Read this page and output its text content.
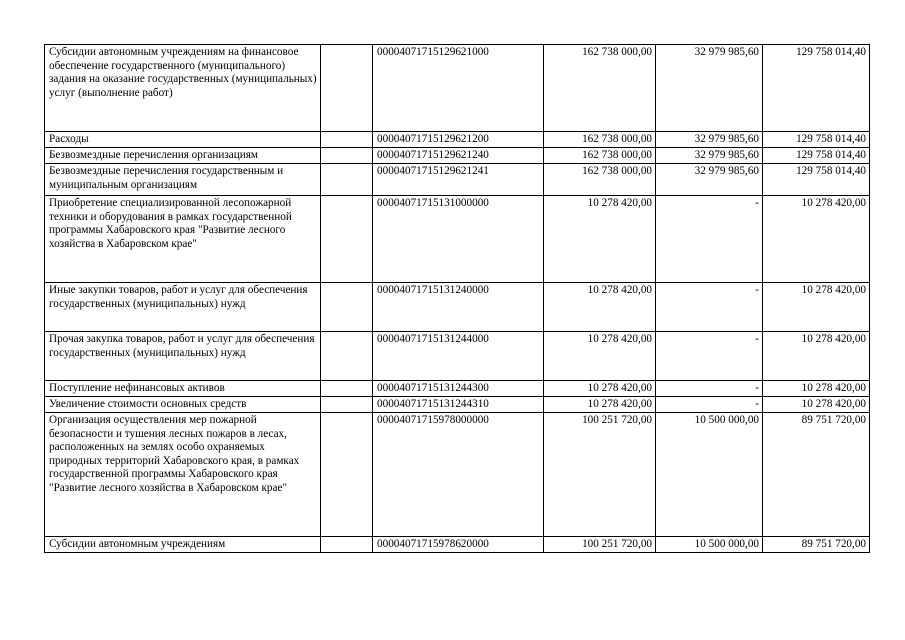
Субсидии автономным учреждениям на финансовое обеспечение государственного (муниципального) задания на оказание государственных (муниципальных) услуг (выполнение работ)		00004071715129621000	162 738 000,00	32 979 985,60	129 758 014,40
Расходы		00004071715129621200	162 738 000,00	32 979 985,60	129 758 014,40
Безвозмездные перечисления организациям		00004071715129621240	162 738 000,00	32 979 985,60	129 758 014,40
Безвозмездные перечисления государственным и муниципальным организациям		00004071715129621241	162 738 000,00	32 979 985,60	129 758 014,40
Приобретение специализированной лесопожарной техники и оборудования в рамках государственной программы Хабаровского края "Развитие лесного хозяйства в Хабаровском крае"		00004071715131000000	10 278 420,00	-	10 278 420,00
Иные закупки товаров, работ и услуг для обеспечения государственных (муниципальных) нужд		00004071715131240000	10 278 420,00	-	10 278 420,00
Прочая закупка товаров, работ и услуг для обеспечения государственных (муниципальных) нужд		00004071715131244000	10 278 420,00	-	10 278 420,00
Поступление нефинансовых активов		00004071715131244300	10 278 420,00	-	10 278 420,00
Увеличение стоимости основных средств		00004071715131244310	10 278 420,00	-	10 278 420,00
Организация осуществления мер пожарной безопасности и тушения лесных пожаров в лесах, расположенных на землях особо охраняемых природных территорий Хабаровского края, в рамках государственной программы Хабаровского края "Развитие лесного хозяйства в Хабаровском крае"		00004071715978000000	100 251 720,00	10 500 000,00	89 751 720,00
Субсидии автономным учреждениям		00004071715978620000	100 251 720,00	10 500 000,00	89 751 720,00
